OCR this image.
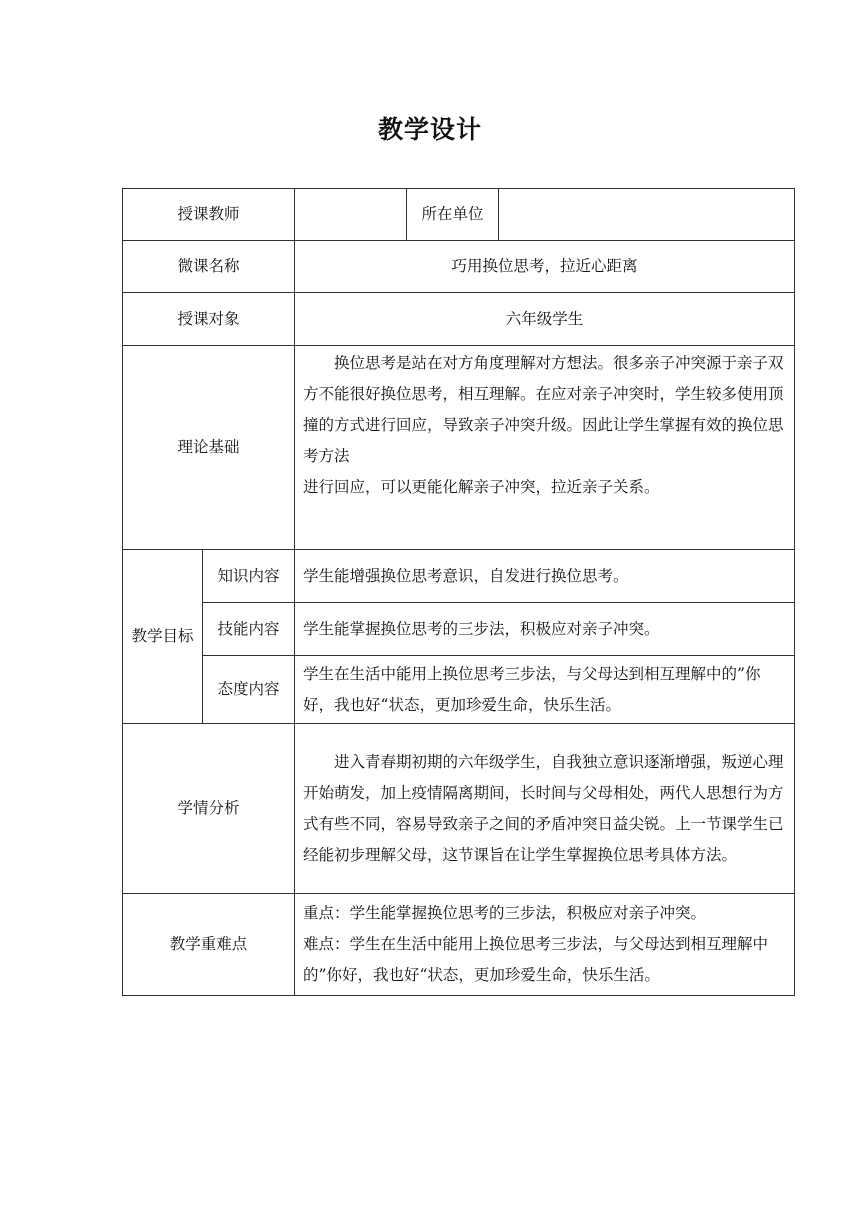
教学设计
授课教师			所在单位	
微课名称		巧用换位思考，拉近心距离		
授课对象		六年级学生		
理论基础		换位思考是站在对方角度理解对方想法。很多亲子冲突源于亲子双方不能很好换位思考，相互理解。在应对亲子冲突时，学生较多使用顶撞的方式进行回应，导致亲子冲突升级。因此让学生掌握有效的换位思考方法
进行回应，可以更能化解亲子冲突，拉近亲子关系。		

教学目标	知识内容	学生能增强换位思考意识，自发进行换位思考。		
	技能内容	学生能掌握换位思考的三步法，积极应对亲子冲突。		
	态度内容	学生在生活中能用上换位思考三步法，与父母达到相互理解中的”你好，我也好“状态，更加珍爱生命，快乐生活。		
学情分析		进入青春期初期的六年级学生，自我独立意识逐渐增强，叛逆心理开始萌发，加上疫情隔离期间，长时间与父母相处，两代人思想行为方式有些不同，容易导致亲子之间的矛盾冲突日益尖锐。上一节课学生已经能初步理解父母，这节课旨在让学生掌握换位思考具体方法。		

教学重难点		重点：学生能掌握换位思考的三步法，积极应对亲子冲突。
难点：学生在生活中能用上换位思考三步法，与父母达到相互理解中的”你好，我也好“状态，更加珍爱生命，快乐生活。		
